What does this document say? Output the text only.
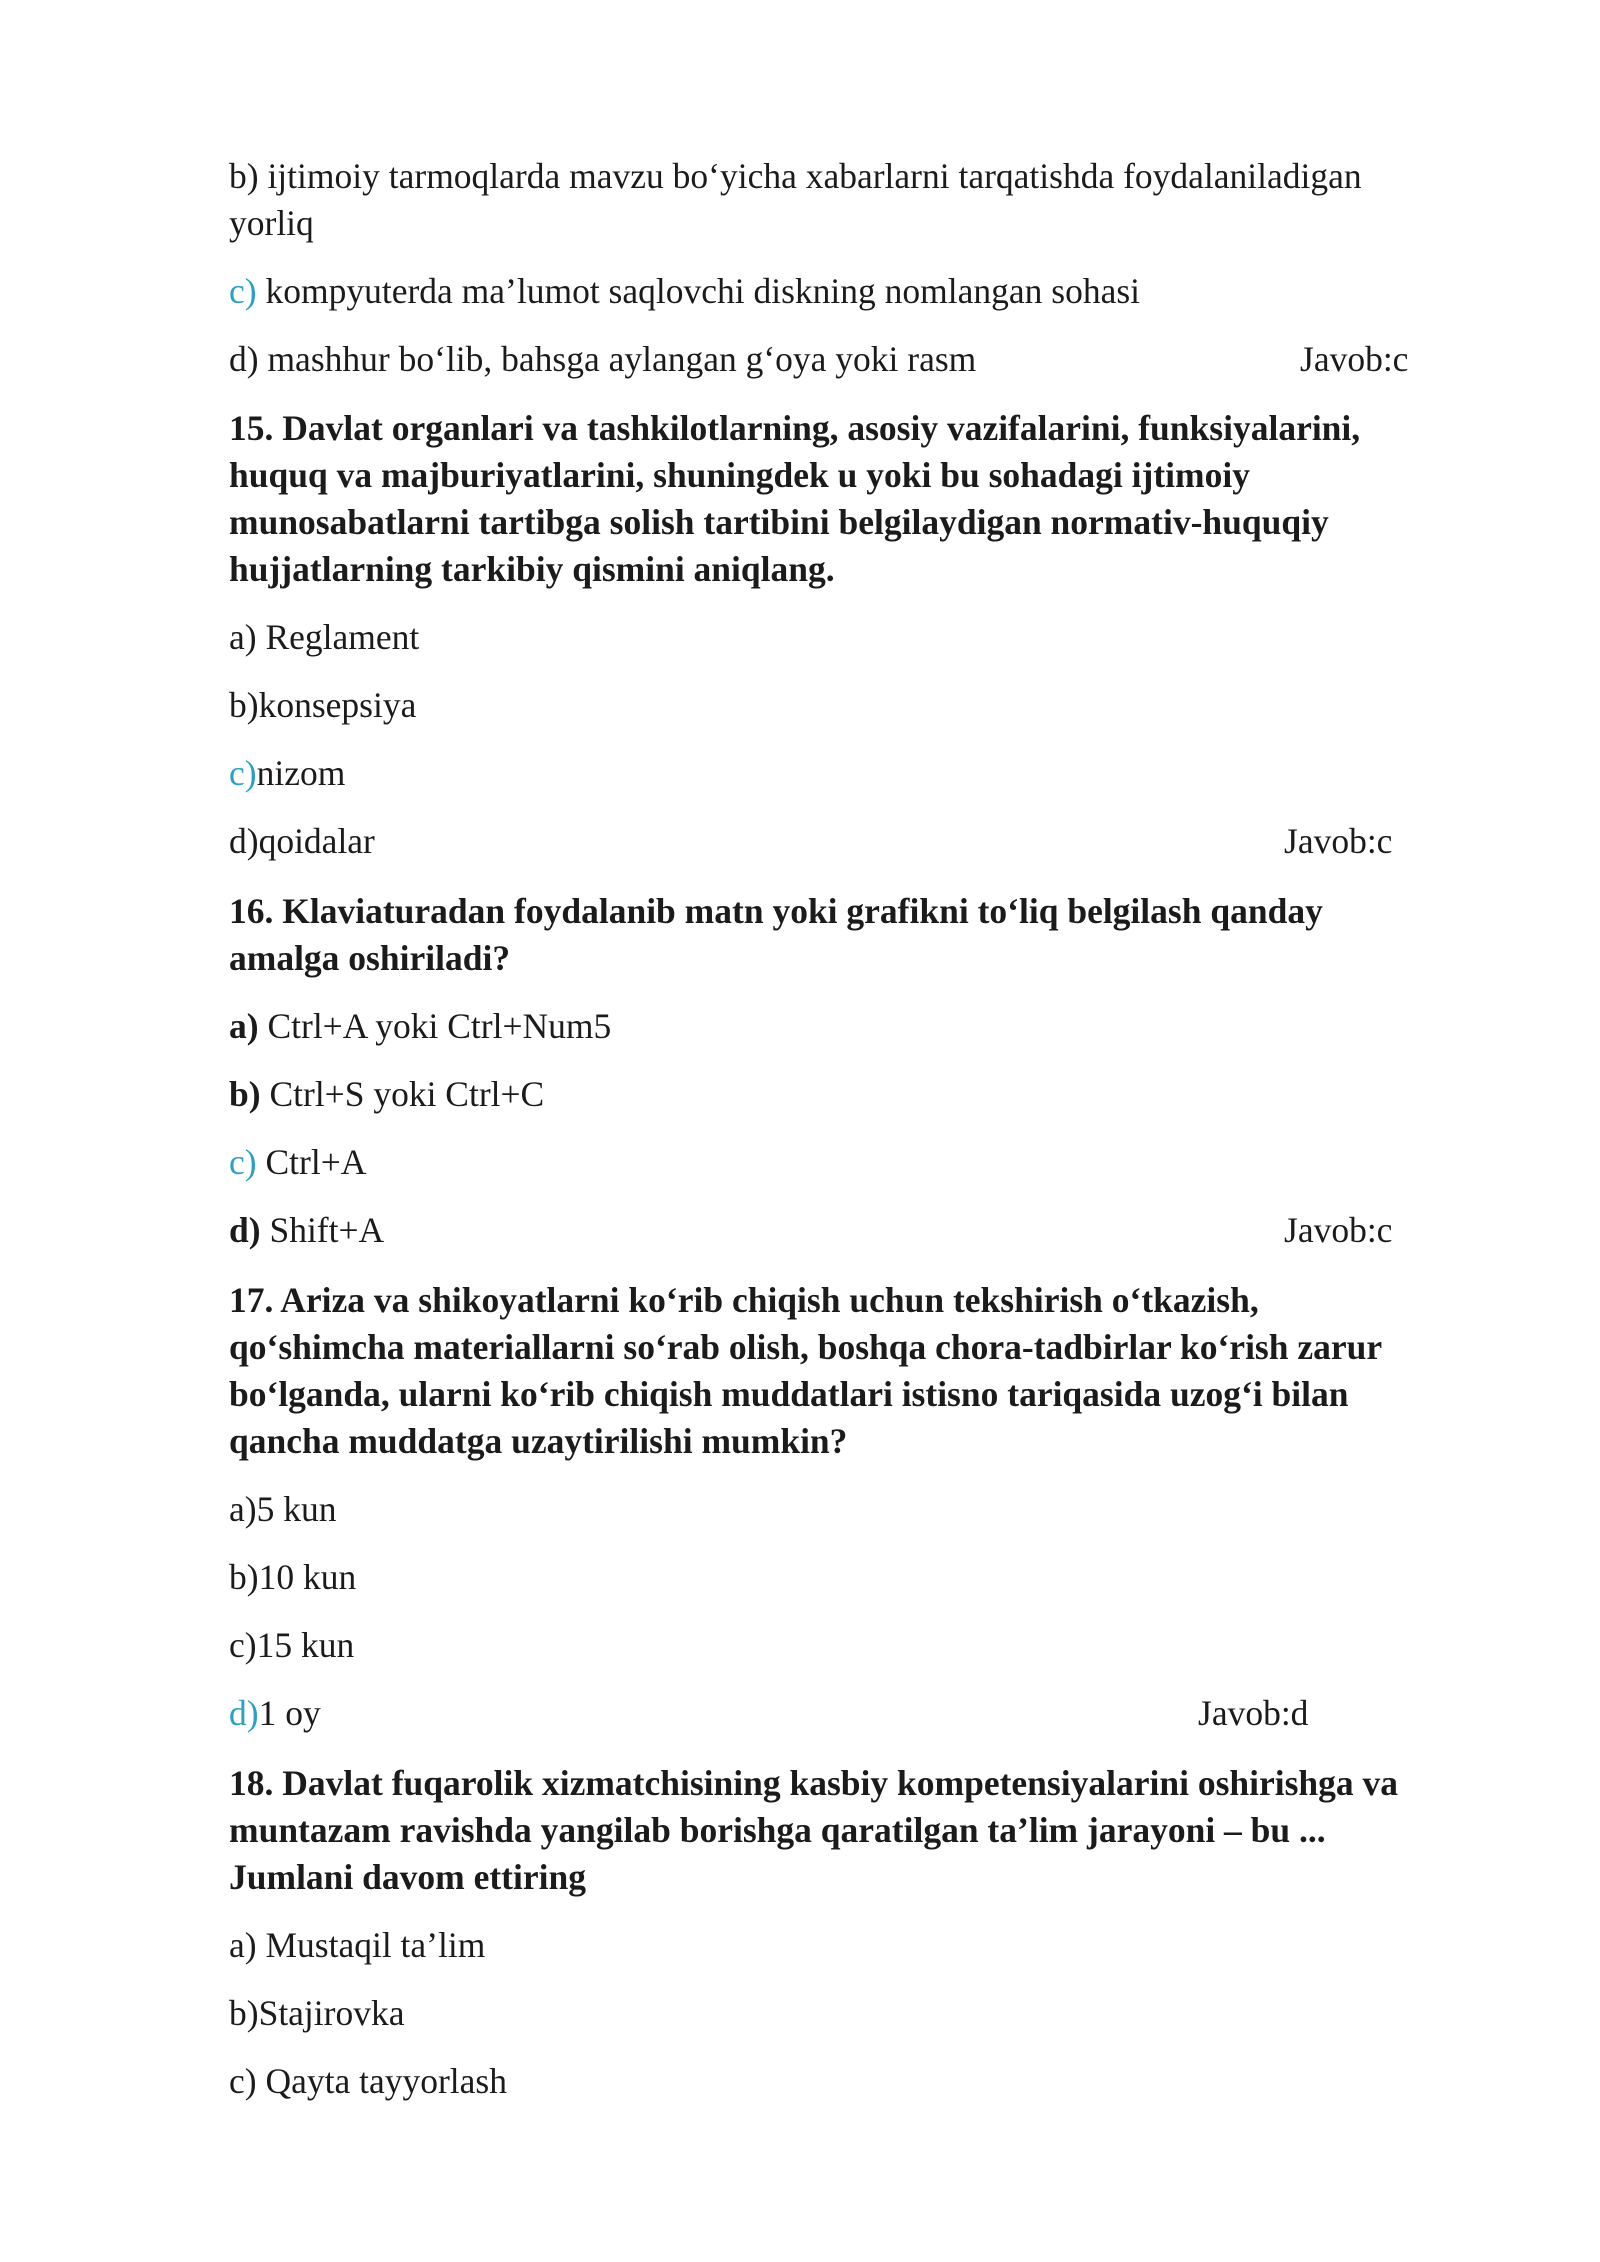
b) ijtimoiy tarmoqlarda mavzu bo‘yicha xabarlarni tarqatishda foydalaniladigan
yorliq
c) kompyuterda ma’lumot saqlovchi diskning nomlangan sohasi
d) mashhur bo‘lib, bahsga aylangan g‘oya yoki rasm	Javob:c
15. Davlat organlari va tashkilotlarning, asosiy vazifalarini, funksiyalarini,
huquq va majburiyatlarini, shuningdek u yoki bu sohadagi ijtimoiy
munosabatlarni tartibga solish tartibini belgilaydigan normativ-huquqiy
hujjatlarning tarkibiy qismini aniqlang.
a) Reglament
b)konsepsiya
c)nizom
d)qoidalar	Javob:c
16. Klaviaturadan foydalanib matn yoki grafikni to‘liq belgilash qanday
amalga oshiriladi?
a) Ctrl+A yoki Ctrl+Num5
b) Ctrl+S yoki Ctrl+C
c) Ctrl+A
d) Shift+A	Javob:c
17. Ariza va shikoyatlarni ko‘rib chiqish uchun tekshirish o‘tkazish,
qo‘shimcha materiallarni so‘rab olish, boshqa chora-tadbirlar ko‘rish zarur
bo‘lganda, ularni ko‘rib chiqish muddatlari istisno tariqasida uzog‘i bilan
qancha muddatga uzaytirilishi mumkin?
a)5 kun
b)10 kun
c)15 kun
d)1 oy	Javob:d
18. Davlat fuqarolik xizmatchisining kasbiy kompetensiyalarini oshirishga va
muntazam ravishda yangilab borishga qaratilgan ta’lim jarayoni – bu ...
Jumlani davom ettiring
a) Mustaqil ta’lim
b)Stajirovka
c) Qayta tayyorlash
